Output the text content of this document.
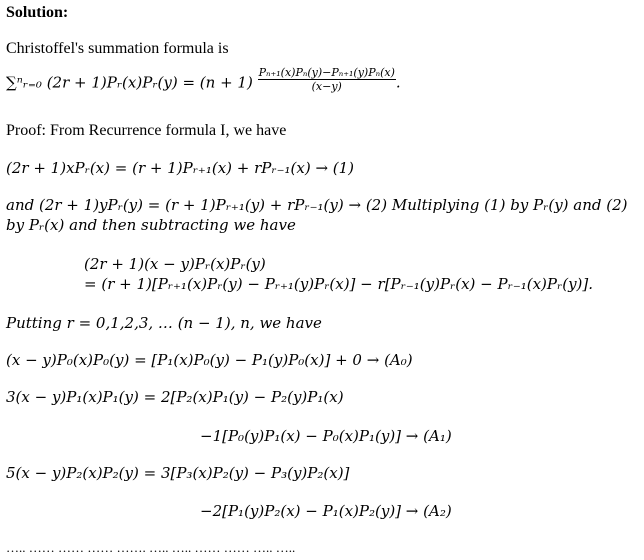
Solution:
Christoffel's summation formula is
∑ⁿᵣ₌₀ (2r + 1)Pᵣ(x)Pᵣ(y) = $(n + 1) \frac{\text{Pₙ₊₁(x)Pₙ(y)−Pₙ₊₁(y)Pₙ(x)}}{(x-y)}$ .
Proof: From Recurrence formula I, we have
(2r + 1)xPᵣ(x) = (r + 1)Pᵣ₊₁(x) + rPᵣ₋₁(x) → (1)
and (2r + 1)yPᵣ(y) = (r + 1)Pᵣ₊₁(y) + rPᵣ₋₁(y) → (2) Multiplying (1) by Pᵣ(y) and (2)
by Pᵣ(x) and then subtracting we have
(2r + 1)(x − y)Pᵣ(x)Pᵣ(y)
= (r + 1)[Pᵣ₊₁(x)Pᵣ(y) − Pᵣ₊₁(y)Pᵣ(x)] − r[Pᵣ₋₁(y)Pᵣ(x) − Pᵣ₋₁(x)Pᵣ(y)].
Putting r = 0,1,2,3, … (n − 1), n, we have
(x − y)P₀(x)P₀(y) = [P₁(x)P₀(y) − P₁(y)P₀(x)] + 0 → (A₀)
3(x − y)P₁(x)P₁(y) = 2[P₂(x)P₁(y) − P₂(y)P₁(x)
−1[P₀(y)P₁(x) − P₀(x)P₁(y)] → (A₁)
5(x − y)P₂(x)P₂(y) = 3[P₃(x)P₂(y) − P₃(y)P₂(x)]
−2[P₁(y)P₂(x) − P₁(x)P₂(y)] → (A₂)
….. …… …… …… ……. ….. ….. …… …… ….. …..
